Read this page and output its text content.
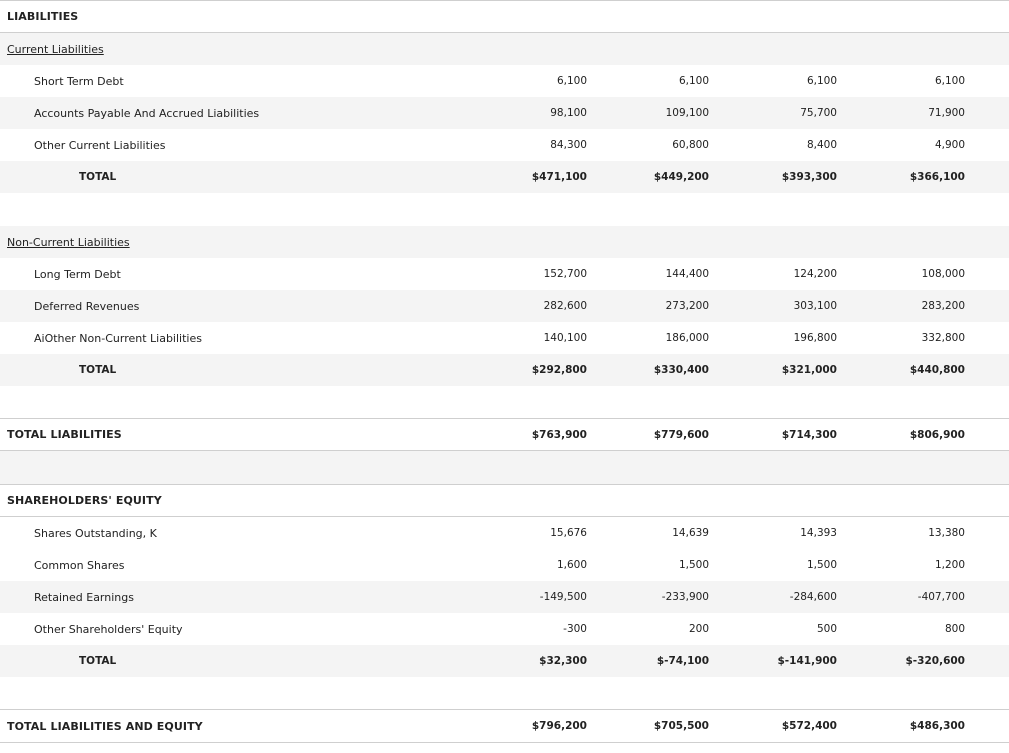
LIABILITIES
Current Liabilities
Short Term Debt	6,100	6,100	6,100	6,100
Accounts Payable And Accrued Liabilities	98,100	109,100	75,700	71,900
Other Current Liabilities	84,300	60,800	8,400	4,900
TOTAL	$471,100	$449,200	$393,300	$366,100
Non-Current Liabilities
Long Term Debt	152,700	144,400	124,200	108,000
Deferred Revenues	282,600	273,200	303,100	283,200
AiOther Non-Current Liabilities	140,100	186,000	196,800	332,800
TOTAL	$292,800	$330,400	$321,000	$440,800
TOTAL LIABILITIES	$763,900	$779,600	$714,300	$806,900
SHAREHOLDERS' EQUITY
Shares Outstanding, K	15,676	14,639	14,393	13,380
Common Shares	1,600	1,500	1,500	1,200
Retained Earnings	-149,500	-233,900	-284,600	-407,700
Other Shareholders' Equity	-300	200	500	800
TOTAL	$32,300	$-74,100	$-141,900	$-320,600
TOTAL LIABILITIES AND EQUITY	$796,200	$705,500	$572,400	$486,300
